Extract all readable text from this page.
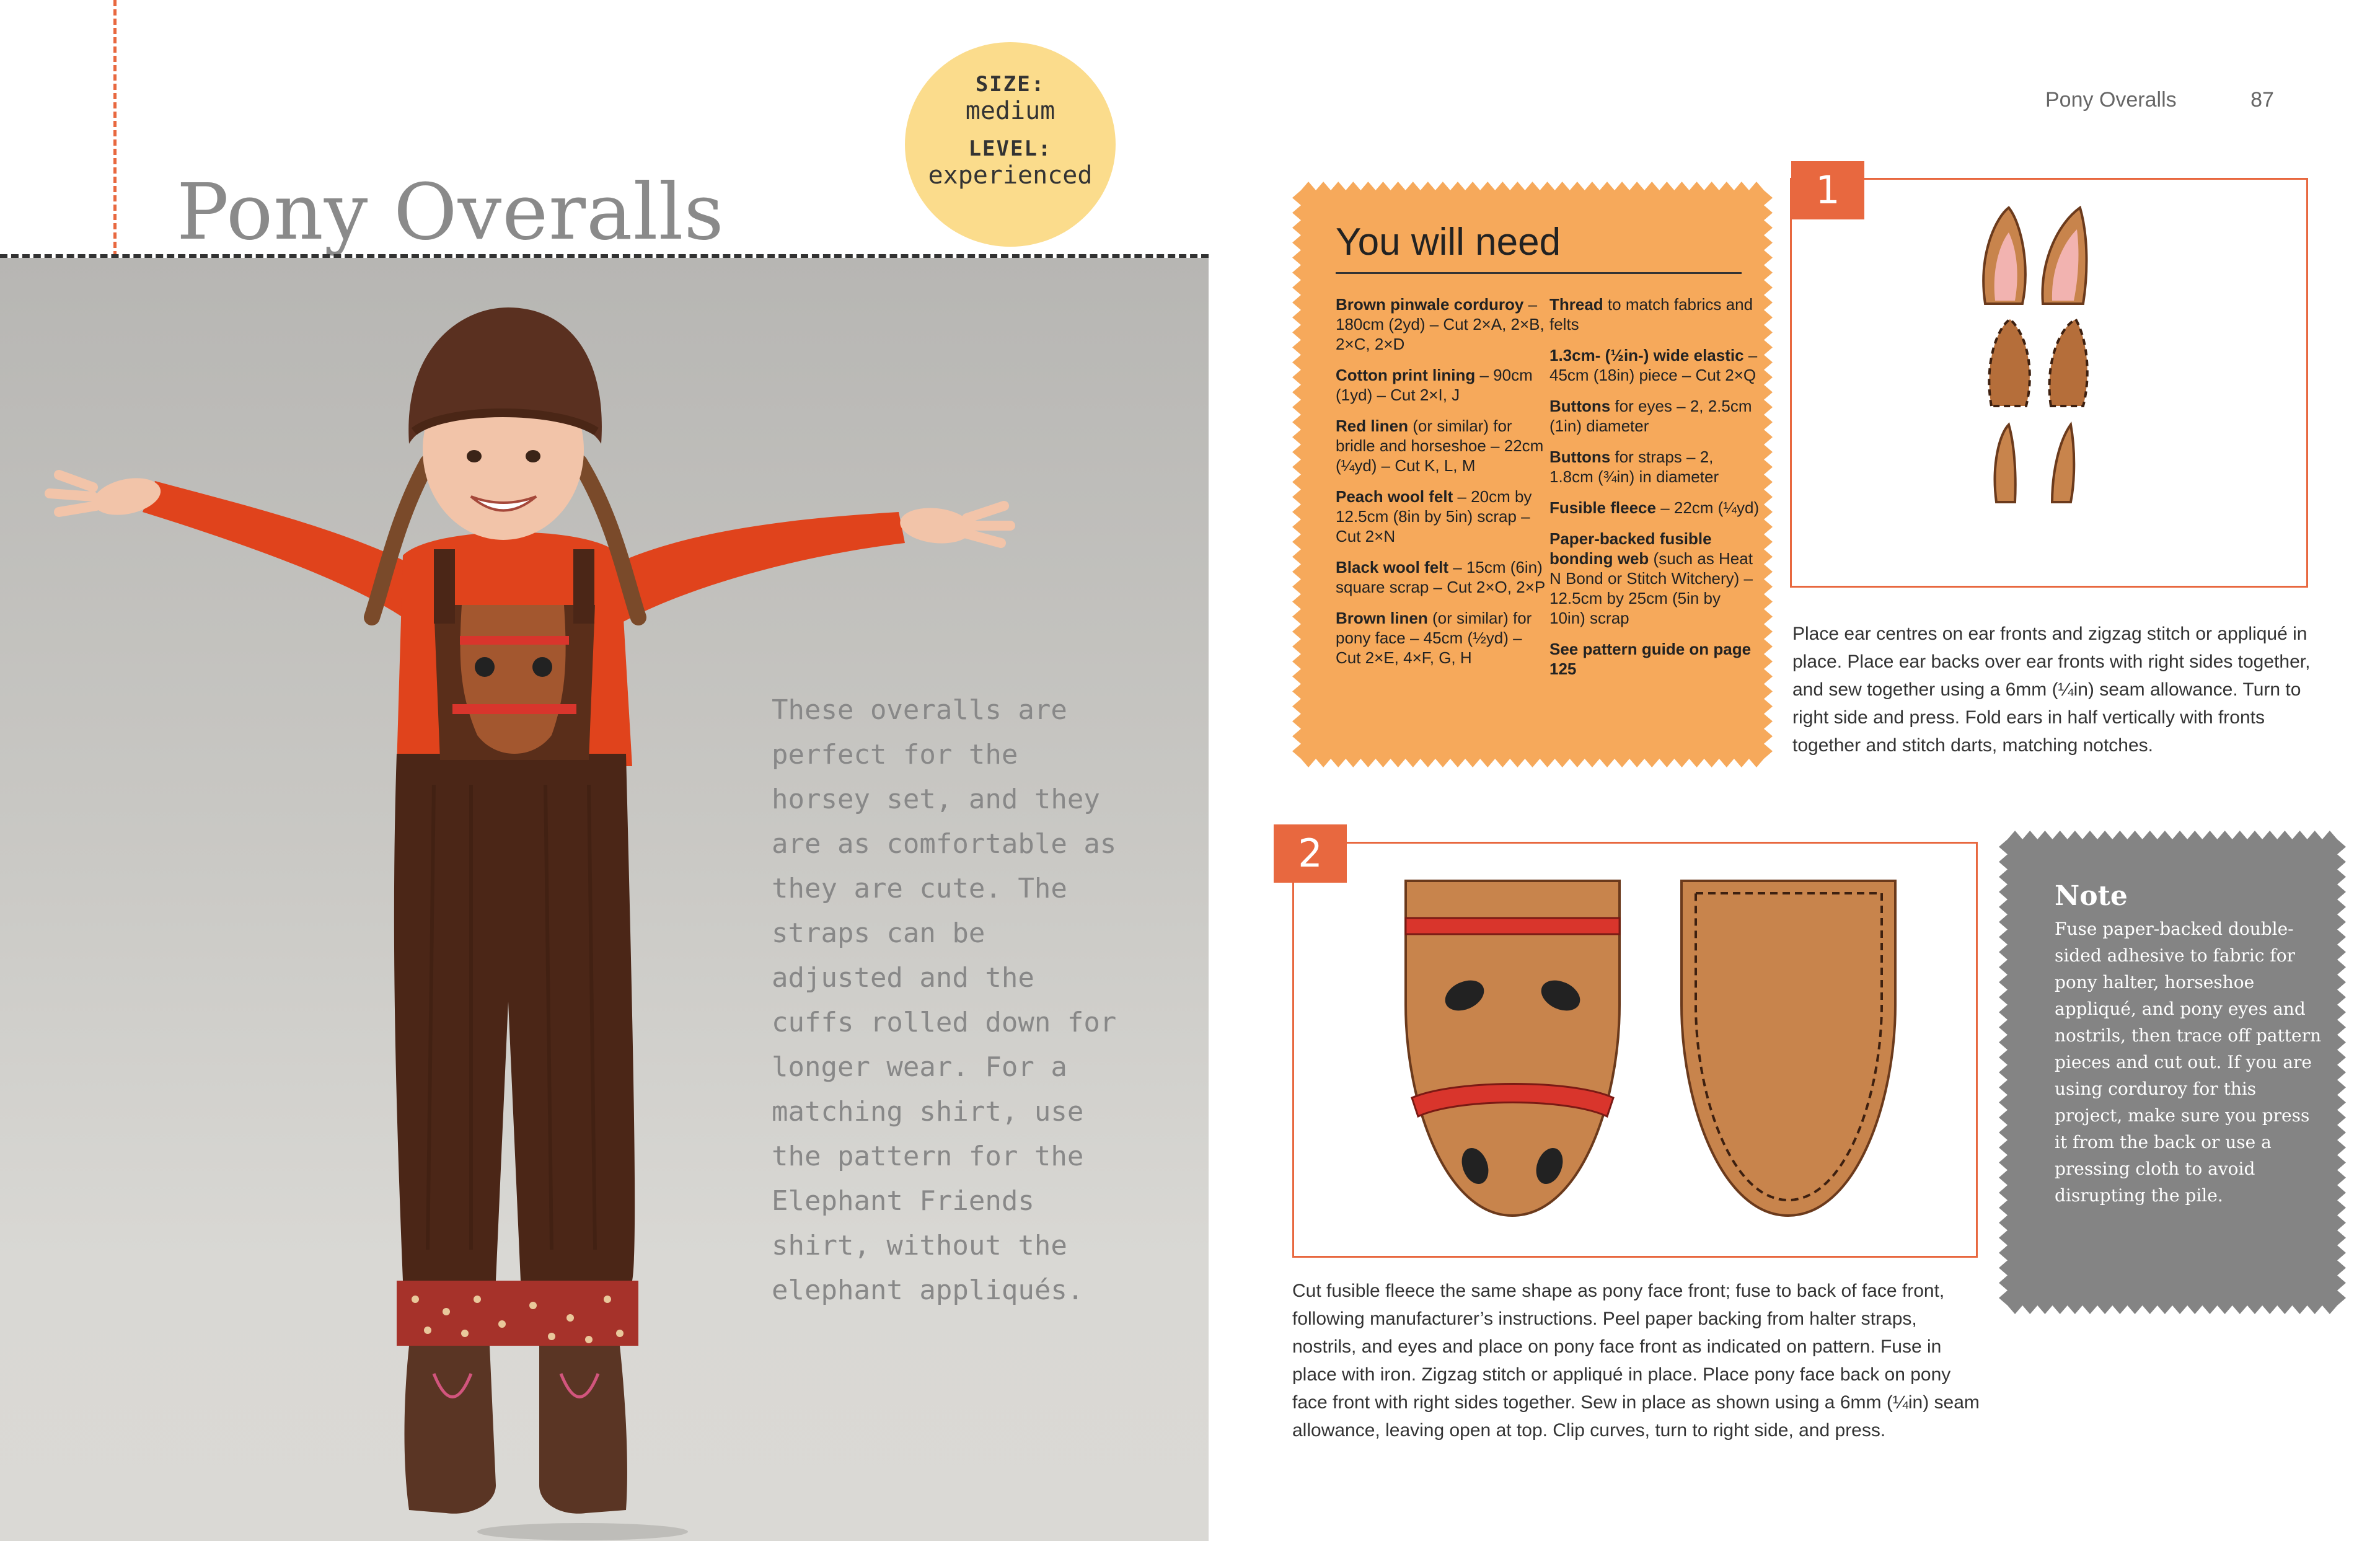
Pony Overalls
SIZE:
medium
LEVEL:
experienced
These overalls are perfect for the horsey set, and they are as comfortable as they are cute. The straps can be adjusted and the cuffs rolled down for longer wear. For a matching shirt, use the pattern for the Elephant Friends shirt, without the elephant appliqués.
Pony Overalls	87
You will need

Brown pinwale corduroy – 180cm (2yd) – Cut 2×A, 2×B, 2×C, 2×D

Cotton print lining – 90cm (1yd) – Cut 2×I, J

Red linen (or similar) for bridle and horseshoe – 22cm (¼yd) – Cut K, L, M

Peach wool felt – 20cm by 12.5cm (8in by 5in) scrap – Cut 2×N

Black wool felt – 15cm (6in) square scrap – Cut 2×O, 2×P

Brown linen (or similar) for pony face – 45cm (½yd) – Cut 2×E, 4×F, G, H

Thread to match fabrics and felts

1.3cm- (½in-) wide elastic – 45cm (18in) piece – Cut 2×Q

Buttons for eyes – 2, 2.5cm (1in) diameter

Buttons for straps – 2, 1.8cm (¾in) in diameter

Fusible fleece – 22cm (¼yd)

Paper-backed fusible bonding web (such as Heat N Bond or Stitch Witchery) – 12.5cm by 25cm (5in by 10in) scrap

See pattern guide on page 125

1
Place ear centres on ear fronts and zigzag stitch or appliqué in place. Place ear backs over ear fronts with right sides together, and sew together using a 6mm (¼in) seam allowance. Turn to right side and press. Fold ears in half vertically with fronts together and stitch darts, matching notches.
2
Cut fusible fleece the same shape as pony face front; fuse to back of face front, following manufacturer’s instructions. Peel paper backing from halter straps, nostrils, and eyes and place on pony face front as indicated on pattern. Fuse in place with iron. Zigzag stitch or appliqué in place. Place pony face back on pony face front with right sides together. Sew in place as shown using a 6mm (¼in) seam allowance, leaving open at top. Clip curves, turn to right side, and press.
Note
Fuse paper-backed double-sided adhesive to fabric for pony halter, horseshoe appliqué, and pony eyes and nostrils, then trace off pattern pieces and cut out. If you are using corduroy for this project, make sure you press it from the back or use a pressing cloth to avoid disrupting the pile.
